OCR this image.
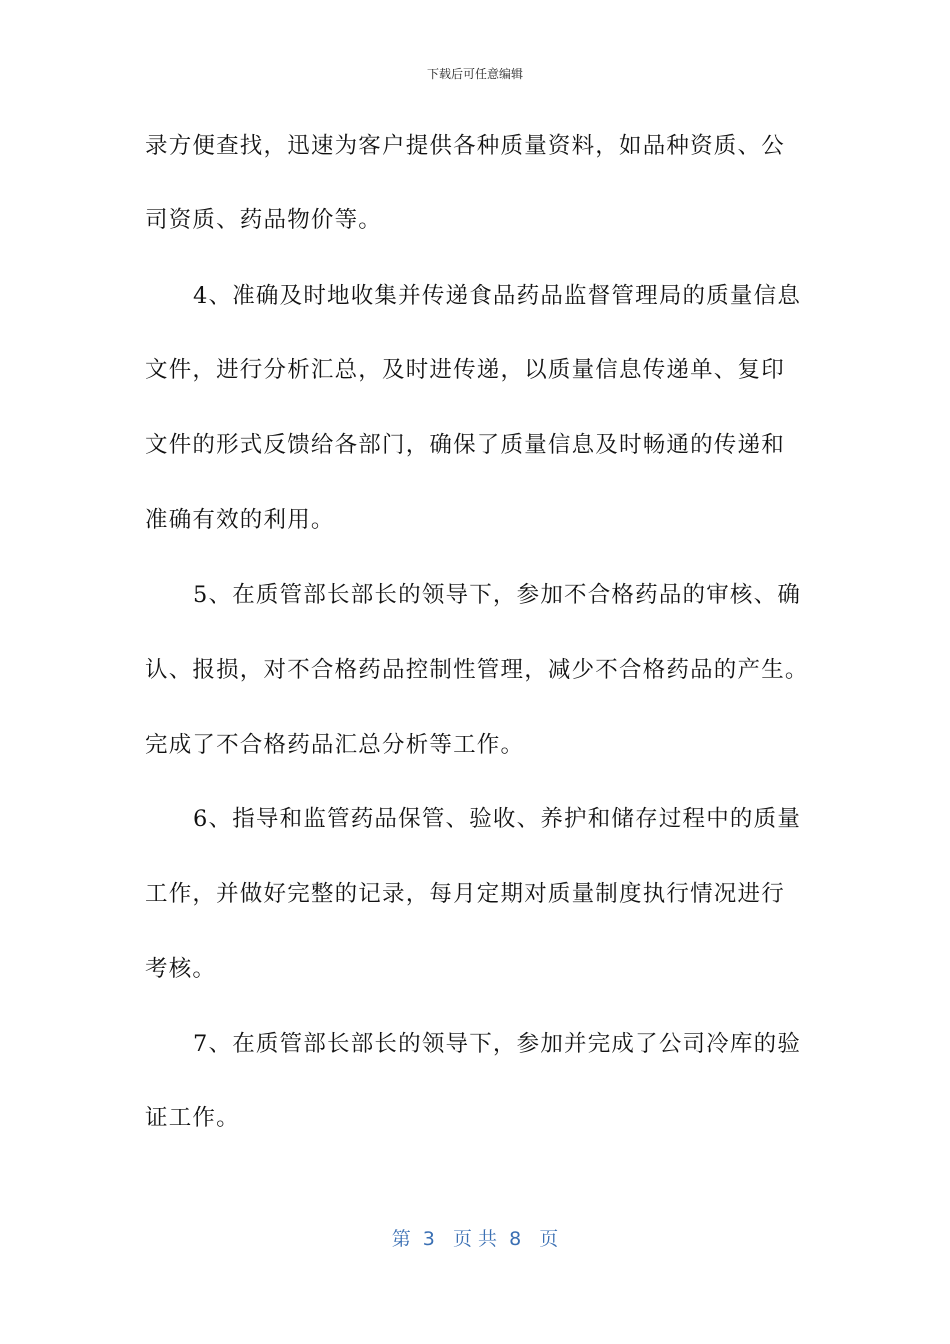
下载后可任意编辑
录方便查找，迅速为客户提供各种质量资料，如品种资质、公
司资质、药品物价等。
4、准确及时地收集并传递食品药品监督管理局的质量信息
文件，进行分析汇总，及时进传递，以质量信息传递单、复印
文件的形式反馈给各部门，确保了质量信息及时畅通的传递和
准确有效的利用。
5、在质管部长部长的领导下，参加不合格药品的审核、确
认、报损，对不合格药品控制性管理，减少不合格药品的产生。
完成了不合格药品汇总分析等工作。
6、指导和监管药品保管、验收、养护和储存过程中的质量
工作，并做好完整的记录，每月定期对质量制度执行情况进行
考核。
7、在质管部长部长的领导下，参加并完成了公司冷库的验
证工作。
第  3   页 共  8   页
